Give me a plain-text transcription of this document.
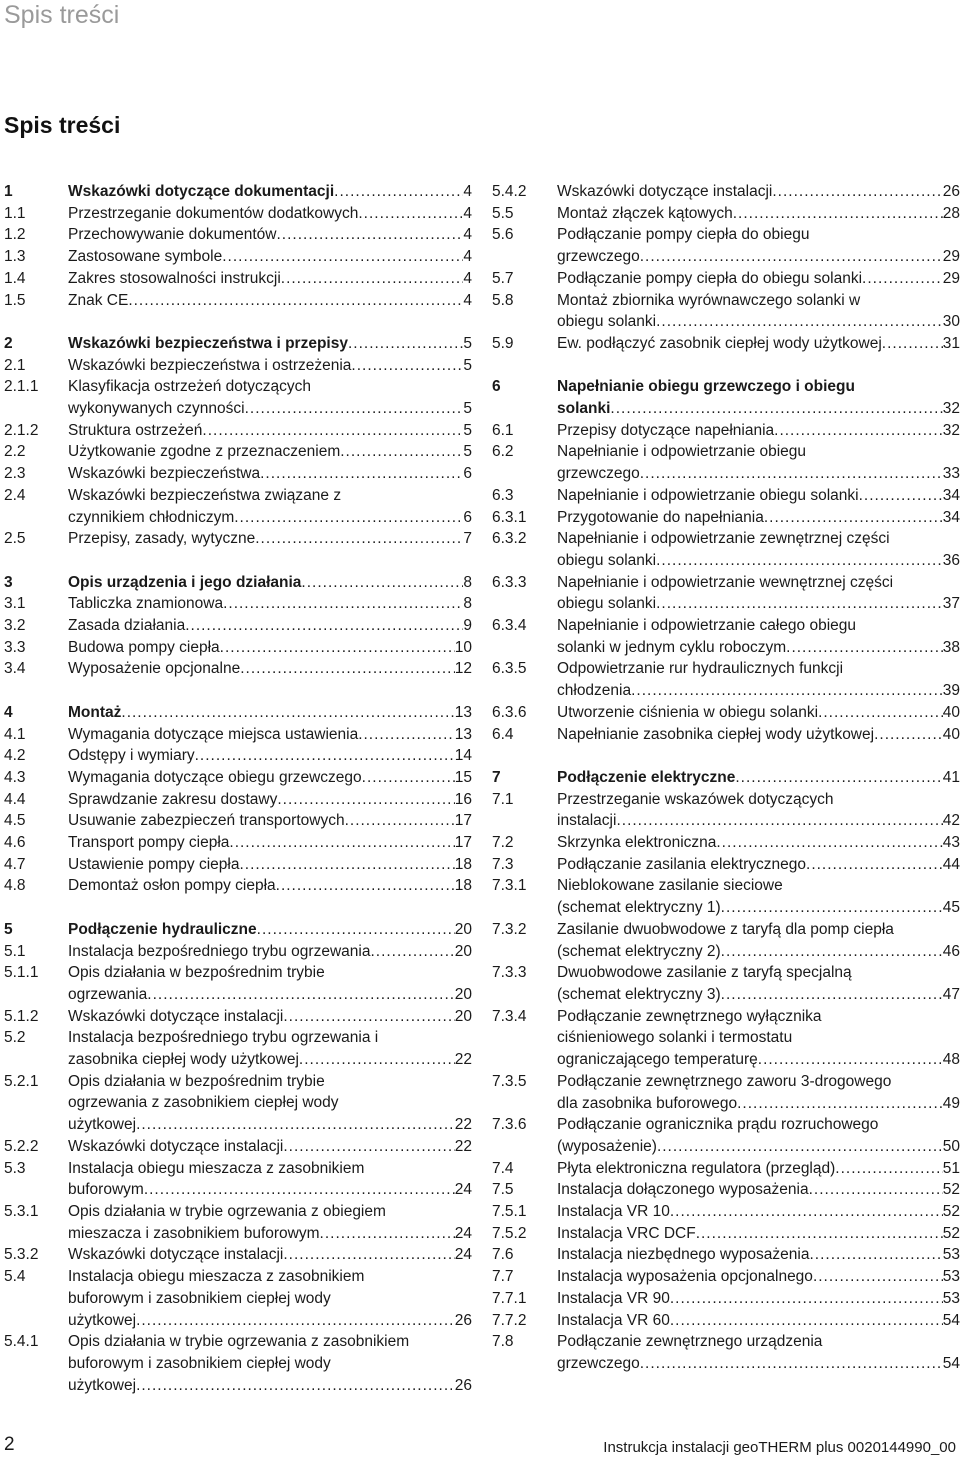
Spis treści
Spis treści
1	Wskazówki dotyczące dokumentacji .....	4
1.1	Przestrzeganie dokumentów dodatkowych .....	4
1.2	Przechowywanie dokumentów .....	4
1.3	Zastosowane symbole .....	4
1.4	Zakres stosowalności instrukcji .....	4
1.5	Znak CE .....	4
2	Wskazówki bezpieczeństwa i przepisy .....	5
2.1	Wskazówki bezpieczeństwa i ostrzeżenia .....	5
2.1.1	Klasyfikacja ostrzeżeń dotyczących
wykonywanych czynności .....	5
2.1.2	Struktura ostrzeżeń .....	5
2.2	Użytkowanie zgodne z przeznaczeniem .....	5
2.3	Wskazówki bezpieczeństwa .....	6
2.4	Wskazówki bezpieczeństwa związane z
czynnikiem chłodniczym .....	6
2.5	Przepisy, zasady, wytyczne .....	7
3	Opis urządzenia i jego działania .....	8
3.1	Tabliczka znamionowa .....	8
3.2	Zasada działania .....	9
3.3	Budowa pompy ciepła .....	10
3.4	Wyposażenie opcjonalne .....	12
4	Montaż .....	13
4.1	Wymagania dotyczące miejsca ustawienia .....	13
4.2	Odstępy i wymiary .....	14
4.3	Wymagania dotyczące obiegu grzewczego .....	15
4.4	Sprawdzanie zakresu dostawy .....	16
4.5	Usuwanie zabezpieczeń transportowych .....	17
4.6	Transport pompy ciepła .....	17
4.7	Ustawienie pompy ciepła .....	18
4.8	Demontaż osłon pompy ciepła .....	18
5	Podłączenie hydrauliczne .....	20
5.1	Instalacja bezpośredniego trybu ogrzewania .....	20
5.1.1	Opis działania w bezpośrednim trybie
ogrzewania .....	20
5.1.2	Wskazówki dotyczące instalacji .....	20
5.2	Instalacja bezpośredniego trybu ogrzewania i
zasobnika ciepłej wody użytkowej .....	22
5.2.1	Opis działania w bezpośrednim trybie
ogrzewania z zasobnikiem ciepłej wody
użytkowej .....	22
5.2.2	Wskazówki dotyczące instalacji .....	22
5.3	Instalacja obiegu mieszacza z zasobnikiem
buforowym .....	24
5.3.1	Opis działania w trybie ogrzewania z obiegiem
mieszacza i zasobnikiem buforowym .....	24
5.3.2	Wskazówki dotyczące instalacji .....	24
5.4	Instalacja obiegu mieszacza z zasobnikiem
buforowym i zasobnikiem ciepłej wody
użytkowej .....	26
5.4.1	Opis działania w trybie ogrzewania z zasobnikiem
buforowym i zasobnikiem ciepłej wody
użytkowej .....	26
5.4.2	Wskazówki dotyczące instalacji .....	26
5.5	Montaż złączek kątowych .....	28
5.6	Podłączanie pompy ciepła do obiegu
grzewczego .....	29
5.7	Podłączanie pompy ciepła do obiegu solanki .....	29
5.8	Montaż zbiornika wyrównawczego solanki w
obiegu solanki .....	30
5.9	Ew. podłączyć zasobnik ciepłej wody użytkowej .....	31
6	Napełnianie obiegu grzewczego i obiegu
solanki .....	32
6.1	Przepisy dotyczące napełniania .....	32
6.2	Napełnianie i odpowietrzanie obiegu
grzewczego .....	33
6.3	Napełnianie i odpowietrzanie obiegu solanki .....	34
6.3.1	Przygotowanie do napełniania .....	34
6.3.2	Napełnianie i odpowietrzanie zewnętrznej części
obiegu solanki .....	36
6.3.3	Napełnianie i odpowietrzanie wewnętrznej części
obiegu solanki .....	37
6.3.4	Napełnianie i odpowietrzanie całego obiegu
solanki w jednym cyklu roboczym .....	38
6.3.5	Odpowietrzanie rur hydraulicznych funkcji
chłodzenia .....	39
6.3.6	Utworzenie ciśnienia w obiegu solanki .....	40
6.4	Napełnianie zasobnika ciepłej wody użytkowej .....	40
7	Podłączenie elektryczne .....	41
7.1	Przestrzeganie wskazówek dotyczących
instalacji .....	42
7.2	Skrzynka elektroniczna .....	43
7.3	Podłączanie zasilania elektrycznego .....	44
7.3.1	Nieblokowane zasilanie sieciowe
(schemat elektryczny 1) .....	45
7.3.2	Zasilanie dwuobwodowe z taryfą dla pomp ciepła
(schemat elektryczny 2) .....	46
7.3.3	Dwuobwodowe zasilanie z taryfą specjalną
(schemat elektryczny 3) .....	47
7.3.4	Podłączanie zewnętrznego wyłącznika
ciśnieniowego solanki i termostatu
ograniczającego temperaturę .....	48
7.3.5	Podłączanie zewnętrznego zaworu 3-drogowego
dla zasobnika buforowego .....	49
7.3.6	Podłączanie ogranicznika prądu rozruchowego
(wyposażenie) .....	50
7.4	Płyta elektroniczna regulatora (przegląd) .....	51
7.5	Instalacja dołączonego wyposażenia .....	52
7.5.1	Instalacja VR 10 .....	52
7.5.2	Instalacja VRC DCF .....	52
7.6	Instalacja niezbędnego wyposażenia .....	53
7.7	Instalacja wyposażenia opcjonalnego .....	53
7.7.1	Instalacja VR 90 .....	53
7.7.2	Instalacja VR 60 .....	54
7.8	Podłączanie zewnętrznego urządzenia
grzewczego .....	54
2	Instrukcja instalacji geoTHERM plus 0020144990_00
